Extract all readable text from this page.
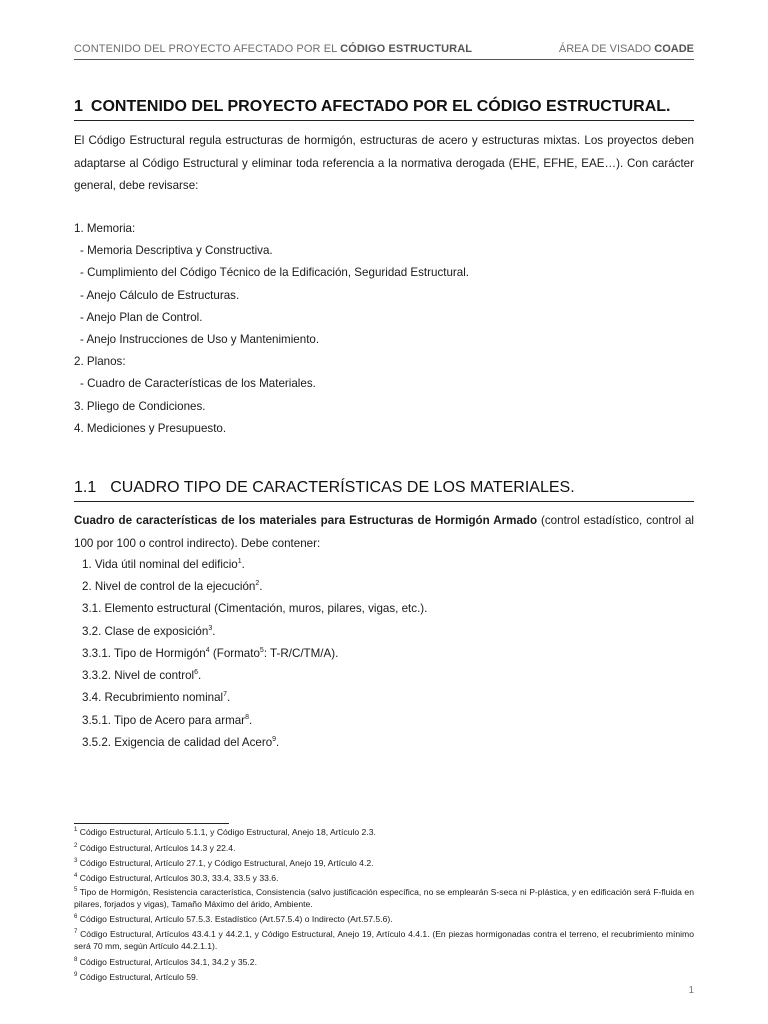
CONTENIDO DEL PROYECTO AFECTADO POR EL CÓDIGO ESTRUCTURAL	ÁREA DE VISADO COADE
1 CONTENIDO DEL PROYECTO AFECTADO POR EL CÓDIGO ESTRUCTURAL.
El Código Estructural regula estructuras de hormigón, estructuras de acero y estructuras mixtas. Los proyectos deben adaptarse al Código Estructural y eliminar toda referencia a la normativa derogada (EHE, EFHE, EAE…). Con carácter general, debe revisarse:
1. Memoria:
- Memoria Descriptiva y Constructiva.
- Cumplimiento del Código Técnico de la Edificación, Seguridad Estructural.
- Anejo Cálculo de Estructuras.
- Anejo Plan de Control.
- Anejo Instrucciones de Uso y Mantenimiento.
2. Planos:
- Cuadro de Características de los Materiales.
3. Pliego de Condiciones.
4. Mediciones y Presupuesto.
1.1 CUADRO TIPO DE CARACTERÍSTICAS DE LOS MATERIALES.
Cuadro de características de los materiales para Estructuras de Hormigón Armado (control estadístico, control al 100 por 100 o control indirecto). Debe contener:
1. Vida útil nominal del edificio$^1$.
2. Nivel de control de la ejecución$^2$.
3.1. Elemento estructural (Cimentación, muros, pilares, vigas, etc.).
3.2. Clase de exposición$^3$.
3.3.1. Tipo de Hormigón$^4$ (Formato$^5$: T-R/C/TM/A).
3.3.2. Nivel de control$^6$.
3.4. Recubrimiento nominal$^7$.
3.5.1. Tipo de Acero para armar$^8$.
3.5.2. Exigencia de calidad del Acero$^9$.
$^1$ Código Estructural, Artículo 5.1.1, y Código Estructural, Anejo 18, Artículo 2.3.
$^2$ Código Estructural, Artículos 14.3 y 22.4.
$^3$ Código Estructural, Artículo 27.1, y Código Estructural, Anejo 19, Artículo 4.2.
$^4$ Código Estructural, Artículos 30.3, 33.4, 33.5 y 33.6.
$^5$ Tipo de Hormigón, Resistencia característica, Consistencia (salvo justificación específica, no se emplearán S-seca ni P-plástica, y en edificación será F-fluida en pilares, forjados y vigas), Tamaño Máximo del árido, Ambiente.
$^6$ Código Estructural, Artículo 57.5.3. Estadístico (Art.57.5.4) o Indirecto (Art.57.5.6).
$^7$ Código Estructural, Artículos 43.4.1 y 44.2.1, y Código Estructural, Anejo 19, Artículo 4.4.1. (En piezas hormigonadas contra el terreno, el recubrimiento mínimo será 70 mm, según Artículo 44.2.1.1).
$^8$ Código Estructural, Artículos 34.1, 34.2 y 35.2.
$^9$ Código Estructural, Artículo 59.
1
